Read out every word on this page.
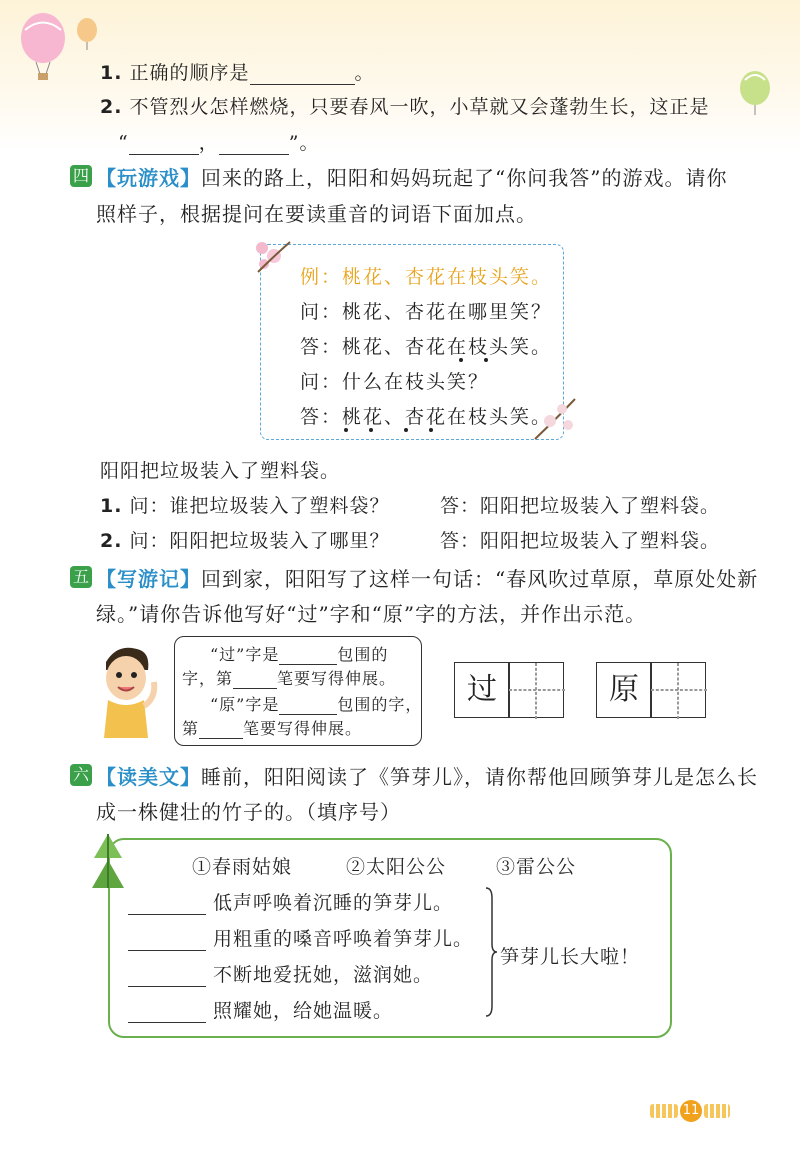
1. 正确的顺序是	。
2. 不管烈火怎样燃烧，只要春风一吹，小草就又会蓬勃生长，这正是
“	，	”。
四 【玩游戏】回来的路上，阳阳和妈妈玩起了“你问我答”的游戏。请你
照样子，根据提问在要读重音的词语下面加点。
例：桃花、杏花在枝头笑。
问：桃花、杏花在哪里笑？
答：桃花、杏花在枝头笑。
问：什么在枝头笑？
答：桃花、杏花在枝头笑。
阳阳把垃圾装入了塑料袋。
1. 问：谁把垃圾装入了塑料袋？	答：阳阳把垃圾装入了塑料袋。
2. 问：阳阳把垃圾装入了哪里？	答：阳阳把垃圾装入了塑料袋。
五 【写游记】回到家，阳阳写了这样一句话：“春风吹过草原，草原处处新
绿。”请你告诉他写好“过”字和“原”字的方法，并作出示范。
“过”字是	包围的
字，第	笔要写得伸展。
“原”字是	包围的字，
第	笔要写得伸展。
过	原
六 【读美文】睡前，阳阳阅读了《笋芽儿》，请你帮他回顾笋芽儿是怎么长
成一株健壮的竹子的。（填序号）
①春雨姑娘	②太阳公公	③雷公公
低声呼唤着沉睡的笋芽儿。
用粗重的嗓音呼唤着笋芽儿。
不断地爱抚她，滋润她。
照耀她，给她温暖。
笋芽儿长大啦！
11
